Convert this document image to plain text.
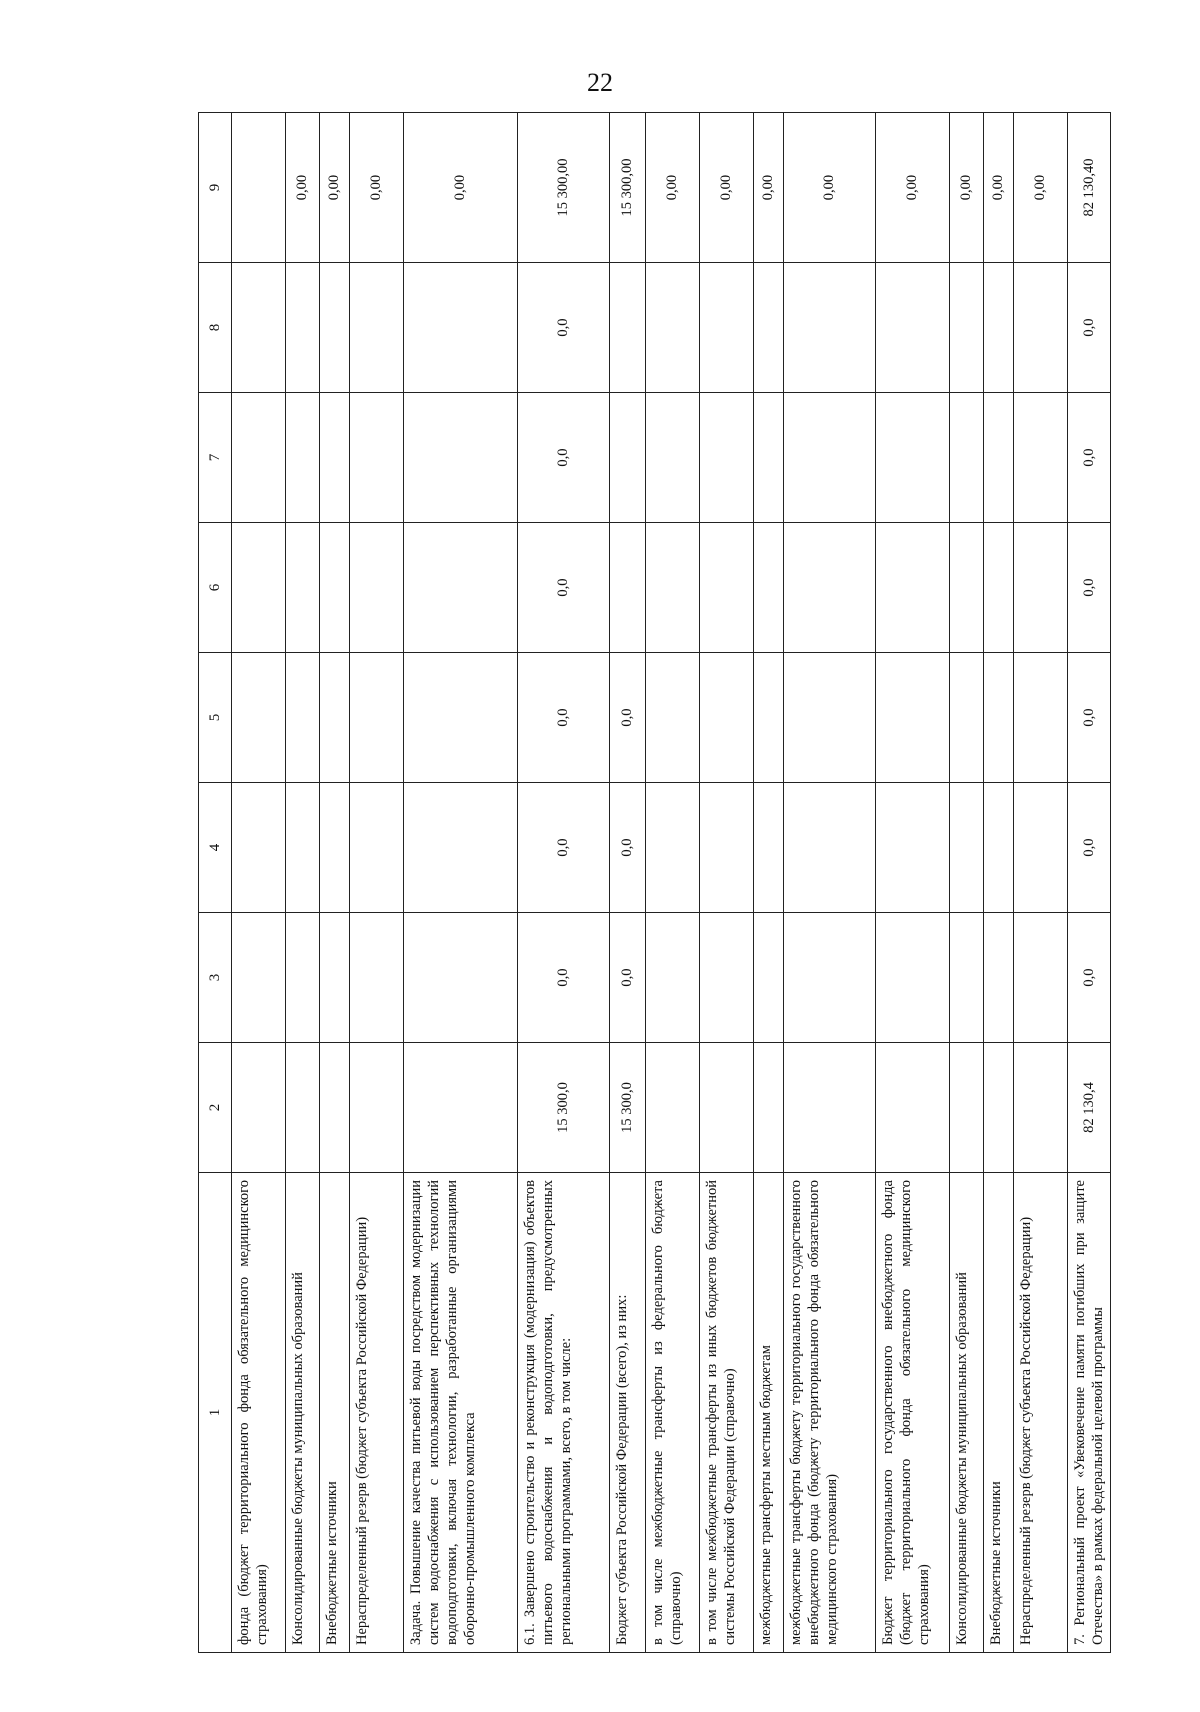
22
1	2	3	4	5	6	7	8	9
фонда (бюджет территориального фонда обязательного медицинского страхования)								
Консолидированные бюджеты муниципальных образований								0,00
Внебюджетные источники								0,00
Нераспределенный резерв (бюджет субъекта Российской Федерации)								0,00
Задача. Повышение качества питьевой воды посредством модернизации систем водоснабжения с использованием перспективных технологий водоподготовки, включая технологии, разработанные организациями оборонно-промышленного комплекса								0,00
6.1. Завершено строительство и реконструкция (модернизация) объектов питьевого водоснабжения и водоподготовки, предусмотренных региональными программами, всего, в том числе:	15 300,0	0,0	0,0	0,0	0,0	0,0	0,0	15 300,00
Бюджет субъекта Российской Федерации (всего), из них:	15 300,0	0,0	0,0	0,0				15 300,00
в том числе межбюджетные трансферты из федерального бюджета (справочно)								0,00
в том числе межбюджетные трансферты из иных бюджетов бюджетной системы Российской Федерации (справочно)								0,00
межбюджетные трансферты местным бюджетам								0,00
межбюджетные трансферты бюджету территориального государственного внебюджетного фонда (бюджету территориального фонда обязательного медицинского страхования)								0,00
Бюджет территориального государственного внебюджетного фонда (бюджет территориального фонда обязательного медицинского страхования)								0,00
Консолидированные бюджеты муниципальных образований								0,00
Внебюджетные источники								0,00
Нераспределенный резерв (бюджет субъекта Российской Федерации)								0,00
7. Региональный проект «Увековечение памяти погибших при защите Отечества» в рамках федеральной целевой программы	82 130,4	0,0	0,0	0,0	0,0	0,0	0,0	82 130,40
